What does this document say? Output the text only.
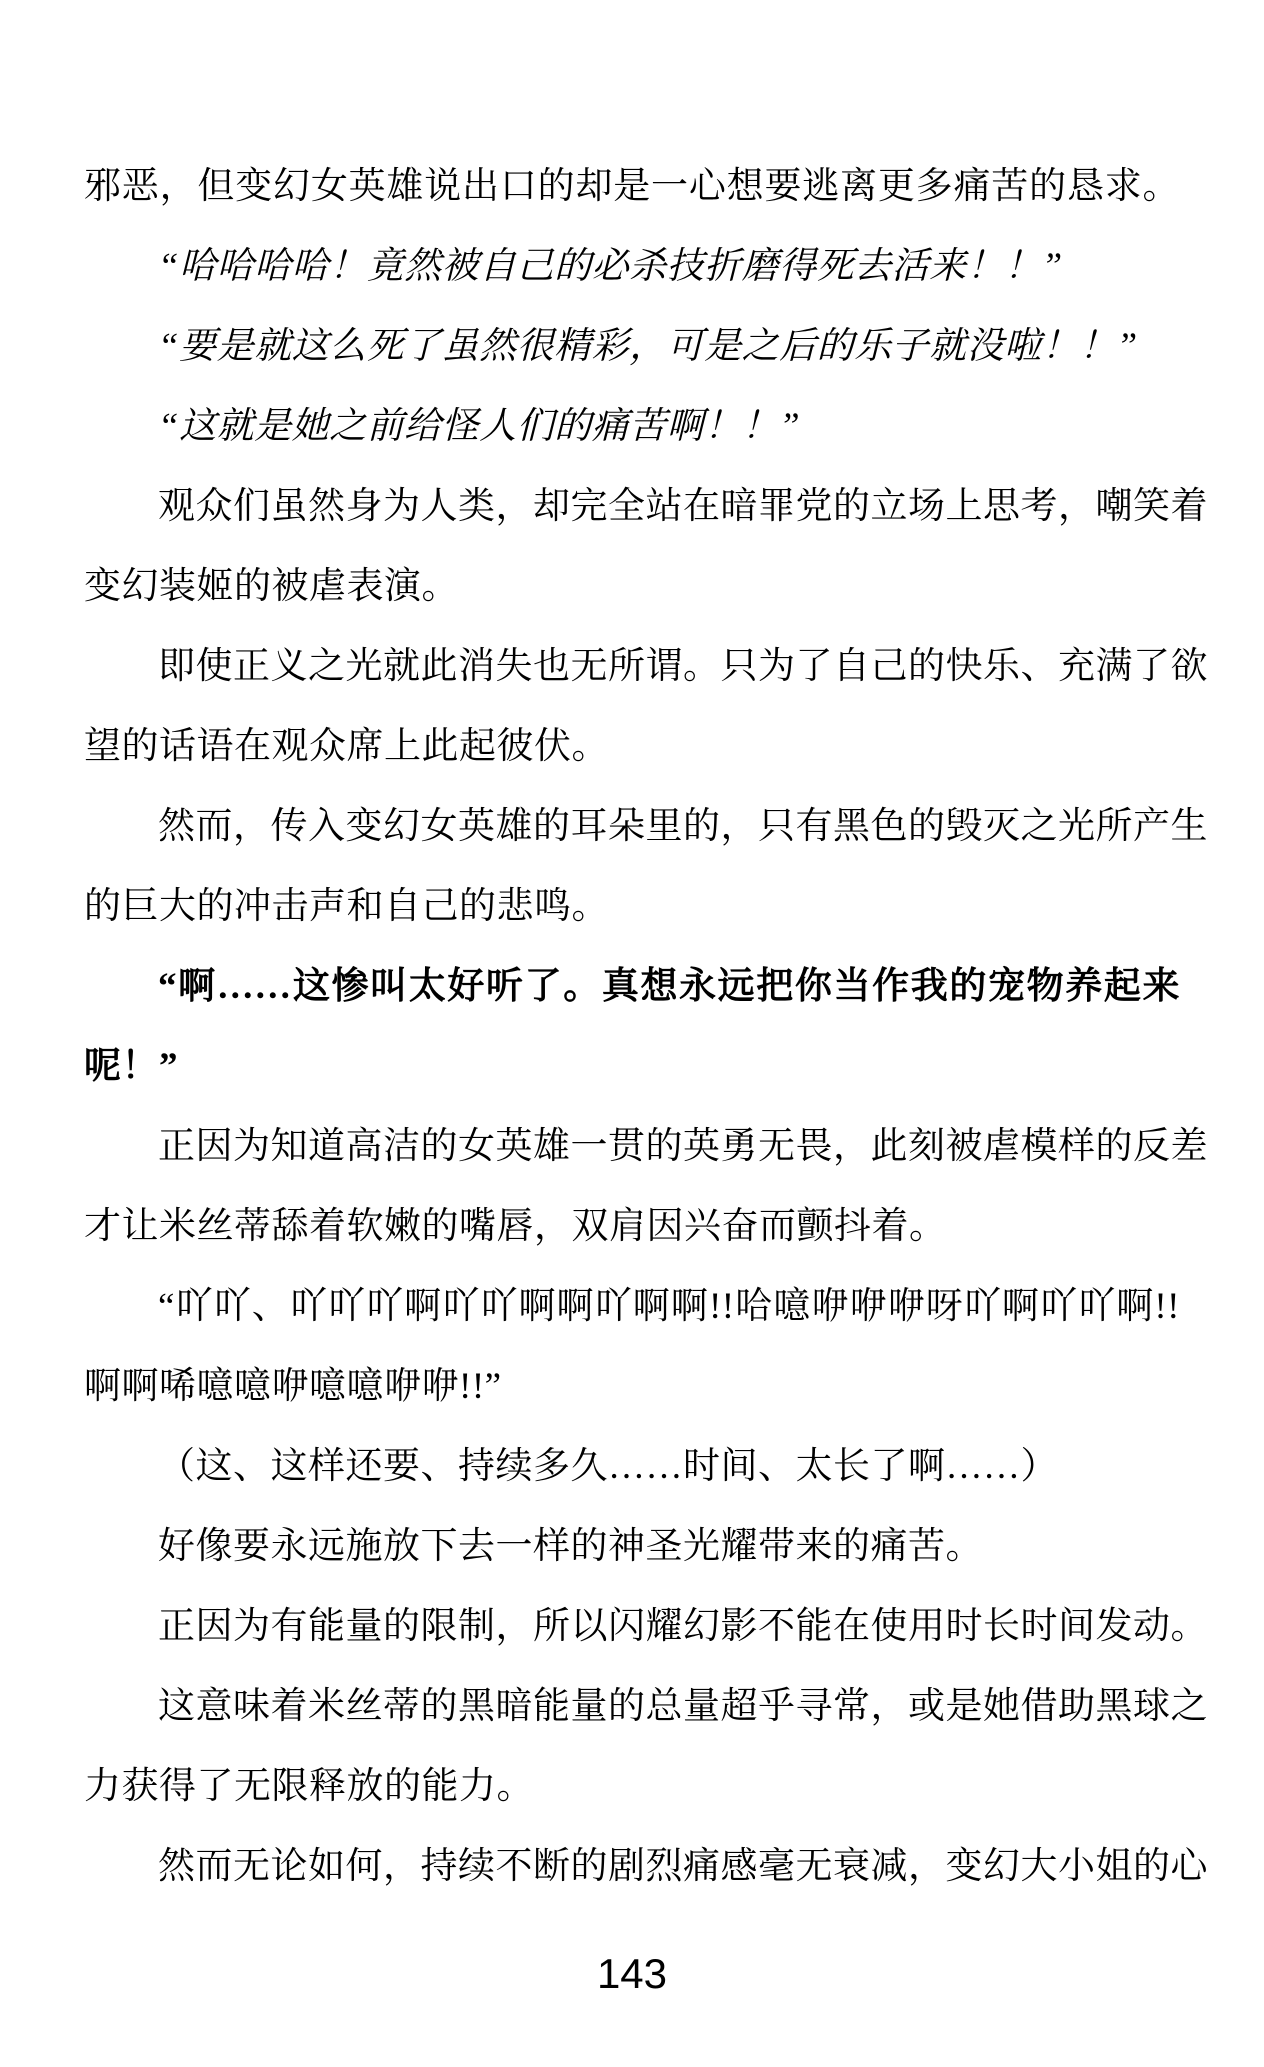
邪恶，但变幻女英雄说出口的却是一心想要逃离更多痛苦的恳求。
“哈哈哈哈！竟然被自己的必杀技折磨得死去活来！！”
“要是就这么死了虽然很精彩，可是之后的乐子就没啦！！”
“这就是她之前给怪人们的痛苦啊！！”
观众们虽然身为人类，却完全站在暗罪党的立场上思考，嘲笑着
变幻装姬的被虐表演。
即使正义之光就此消失也无所谓。只为了自己的快乐、充满了欲
望的话语在观众席上此起彼伏。
然而，传入变幻女英雄的耳朵里的，只有黑色的毁灭之光所产生
的巨大的冲击声和自己的悲鸣。
“啊……这惨叫太好听了。真想永远把你当作我的宠物养起来
呢！”
正因为知道高洁的女英雄一贯的英勇无畏，此刻被虐模样的反差
才让米丝蒂舔着软嫩的嘴唇，双肩因兴奋而颤抖着。
“吖吖、吖吖吖啊吖吖啊啊吖啊啊!!哈噫咿咿咿呀吖啊吖吖啊!!
啊啊唏噫噫咿噫噫咿咿!!”
（这、这样还要、持续多久……时间、太长了啊……）
好像要永远施放下去一样的神圣光耀带来的痛苦。
正因为有能量的限制，所以闪耀幻影不能在使用时长时间发动。
这意味着米丝蒂的黑暗能量的总量超乎寻常，或是她借助黑球之
力获得了无限释放的能力。
然而无论如何，持续不断的剧烈痛感毫无衰减，变幻大小姐的心
143
